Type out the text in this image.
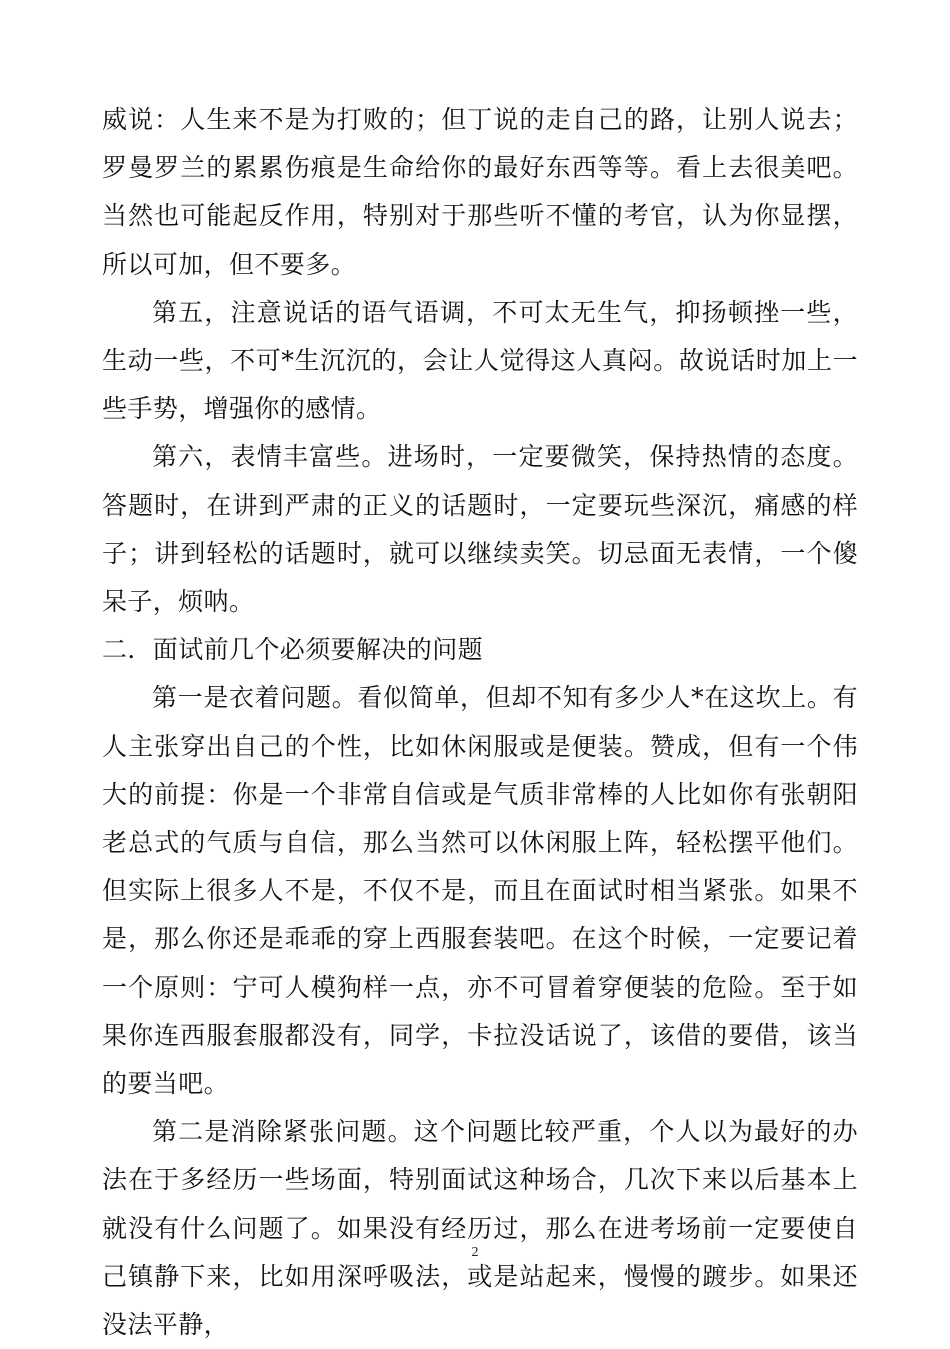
威说：人生来不是为打败的；但丁说的走自己的路，让别人说去；罗曼罗兰的累累伤痕是生命给你的最好东西等等。看上去很美吧。当然也可能起反作用，特别对于那些听不懂的考官，认为你显摆，所以可加，但不要多。

第五，注意说话的语气语调，不可太无生气，抑扬顿挫一些，生动一些，不可*生沉沉的，会让人觉得这人真闷。故说话时加上一些手势，增强你的感情。

第六，表情丰富些。进场时，一定要微笑，保持热情的态度。答题时，在讲到严肃的正义的话题时，一定要玩些深沉，痛感的样子；讲到轻松的话题时，就可以继续卖笑。切忌面无表情，一个傻呆子，烦呐。

二．面试前几个必须要解决的问题

第一是衣着问题。看似简单，但却不知有多少人*在这坎上。有人主张穿出自己的个性，比如休闲服或是便装。赞成，但有一个伟大的前提：你是一个非常自信或是气质非常棒的人比如你有张朝阳老总式的气质与自信，那么当然可以休闲服上阵，轻松摆平他们。但实际上很多人不是，不仅不是，而且在面试时相当紧张。如果不是，那么你还是乖乖的穿上西服套装吧。在这个时候，一定要记着一个原则：宁可人模狗样一点，亦不可冒着穿便装的危险。至于如果你连西服套服都没有，同学，卡拉没话说了，该借的要借，该当的要当吧。

第二是消除紧张问题。这个问题比较严重，个人以为最好的办法在于多经历一些场面，特别面试这种场合，几次下来以后基本上就没有什么问题了。如果没有经历过，那么在进考场前一定要使自己镇静下来，比如用深呼吸法，或是站起来，慢慢的踱步。如果还没法平静，

2
